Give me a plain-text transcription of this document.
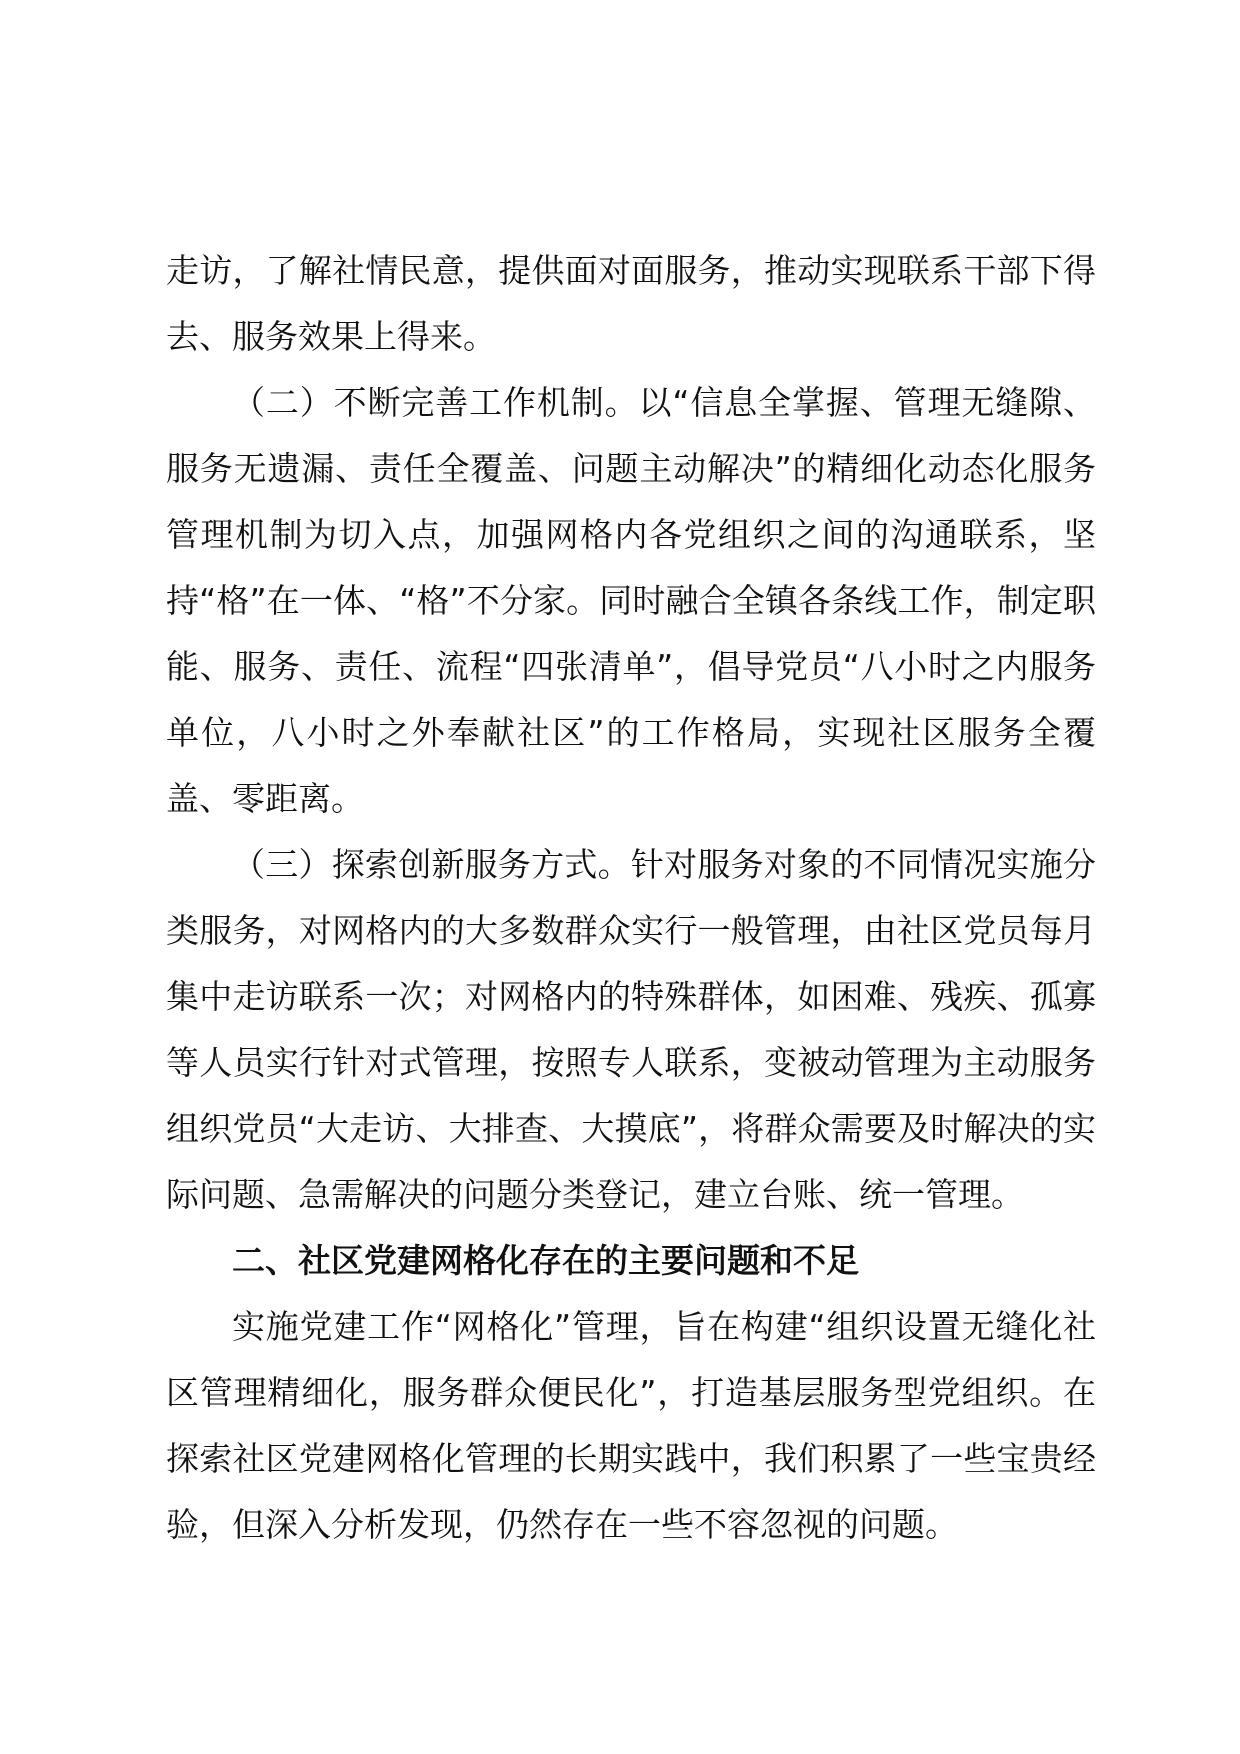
走访，了解社情民意，提供面对面服务，推动实现联系干部下得去、服务效果上得来。

（二）不断完善工作机制。以“信息全掌握、管理无缝隙、服务无遗漏、责任全覆盖、问题主动解决”的精细化动态化服务管理机制为切入点，加强网格内各党组织之间的沟通联系，坚持“格”在一体、“格”不分家。同时融合全镇各条线工作，制定职能、服务、责任、流程“四张清单”，倡导党员“八小时之内服务单位，八小时之外奉献社区”的工作格局，实现社区服务全覆盖、零距离。

（三）探索创新服务方式。针对服务对象的不同情况实施分类服务，对网格内的大多数群众实行一般管理，由社区党员每月集中走访联系一次；对网格内的特殊群体，如困难、残疾、孤寡等人员实行针对式管理，按照专人联系，变被动管理为主动服务组织党员“大走访、大排查、大摸底”，将群众需要及时解决的实际问题、急需解决的问题分类登记，建立台账、统一管理。

二、社区党建网格化存在的主要问题和不足

实施党建工作“网格化”管理，旨在构建“组织设置无缝化社区管理精细化，服务群众便民化”，打造基层服务型党组织。在探索社区党建网格化管理的长期实践中，我们积累了一些宝贵经验，但深入分析发现，仍然存在一些不容忽视的问题。
